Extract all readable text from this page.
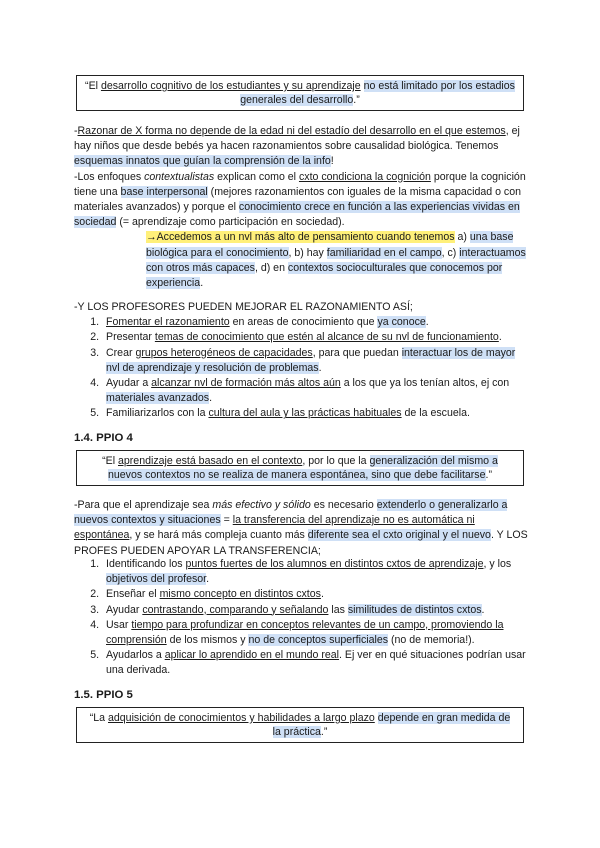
“El desarrollo cognitivo de los estudiantes y su aprendizaje no está limitado por los estadios generales del desarrollo.”
-Razonar de X forma no depende de la edad ni del estadío del desarrollo en el que estemos, ej hay niños que desde bebés ya hacen razonamientos sobre causalidad biológica. Tenemos esquemas innatos que guían la comprensión de la info!
-Los enfoques contextualistas explican como el cxto condiciona la cognición porque la cognición tiene una base interpersonal (mejores razonamientos con iguales de la misma capacidad o con materiales avanzados) y porque el conocimiento crece en función a las experiencias vividas en sociedad (= aprendizaje como participación en sociedad).
→Accedemos a un nvl más alto de pensamiento cuando tenemos a) una base biológica para el conocimiento, b) hay familiaridad en el campo, c) interactuamos con otros más capaces, d) en contextos socioculturales que conocemos por experiencia.
-Y LOS PROFESORES PUEDEN MEJORAR EL RAZONAMIENTO ASÍ;
1. Fomentar el razonamiento en areas de conocimiento que ya conoce.
2. Presentar temas de conocimiento que estén al alcance de su nvl de funcionamiento.
3. Crear grupos heterogéneos de capacidades, para que puedan interactuar los de mayor nvl de aprendizaje y resolución de problemas.
4. Ayudar a alcanzar nvl de formación más altos aún a los que ya los tenían altos, ej con materiales avanzados.
5. Familiarizarlos con la cultura del aula y las prácticas habituales de la escuela.
1.4. PPIO 4
“El aprendizaje está basado en el contexto, por lo que la generalización del mismo a nuevos contextos no se realiza de manera espontánea, sino que debe facilitarse.”
-Para que el aprendizaje sea más efectivo y sólido es necesario extenderlo o generalizarlo a nuevos contextos y situaciones = la transferencia del aprendizaje no es automática ni espontánea, y se hará más compleja cuanto más diferente sea el cxto original y el nuevo. Y LOS PROFES PUEDEN APOYAR LA TRANSFERENCIA;
1. Identificando los puntos fuertes de los alumnos en distintos cxtos de aprendizaje, y los objetivos del profesor.
2. Enseñar el mismo concepto en distintos cxtos.
3. Ayudar contrastando, comparando y señalando las similitudes de distintos cxtos.
4. Usar tiempo para profundizar en conceptos relevantes de un campo, promoviendo la comprensión de los mismos y no de conceptos superficiales (no de memoria!).
5. Ayudarlos a aplicar lo aprendido en el mundo real. Ej ver en qué situaciones podrían usar una derivada.
1.5. PPIO 5
“La adquisición de conocimientos y habilidades a largo plazo depende en gran medida de la práctica.”
